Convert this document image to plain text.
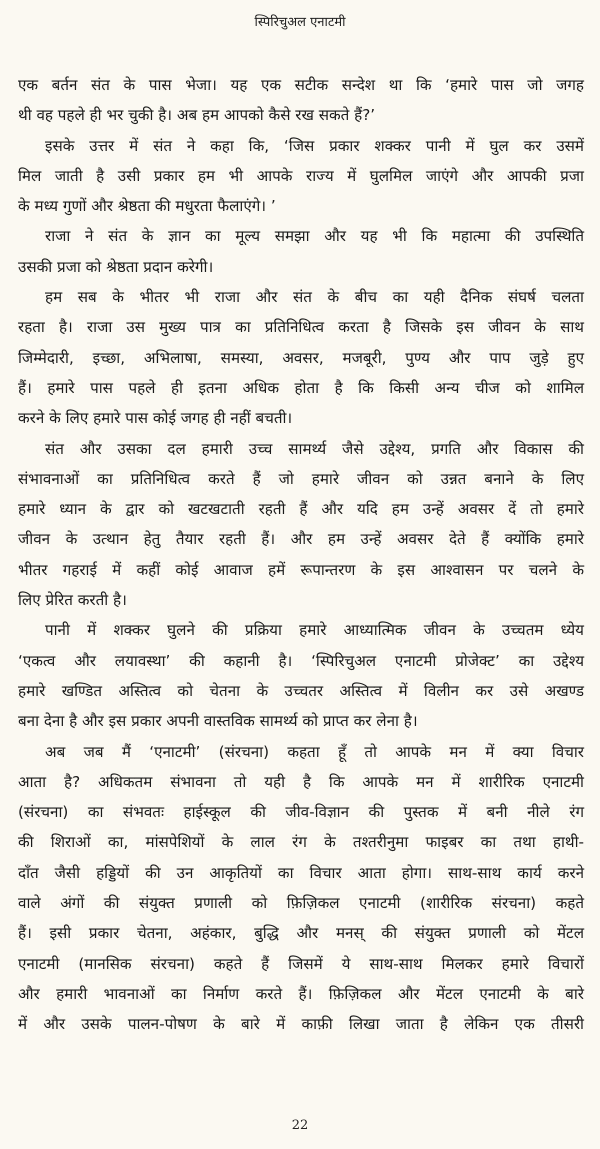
स्पिरिचुअल एनाटमी
एक बर्तन संत के पास भेजा। यह एक सटीक सन्देश था कि ‘हमारे पास जो जगह
थी वह पहले ही भर चुकी है। अब हम आपको कैसे रख सकते हैं?’
इसके उत्तर में संत ने कहा कि, ‘जिस प्रकार शक्कर पानी में घुल कर उसमें
मिल जाती है उसी प्रकार हम भी आपके राज्य में घुलमिल जाएंगे और आपकी प्रजा
के मध्य गुणों और श्रेष्ठता की मधुरता फैलाएंगे। ’
राजा ने संत के ज्ञान का मूल्य समझा और यह भी कि महात्मा की उपस्थिति
उसकी प्रजा को श्रेष्ठता प्रदान करेगी।
हम सब के भीतर भी राजा और संत के बीच का यही दैनिक संघर्ष चलता
रहता है। राजा उस मुख्य पात्र का प्रतिनिधित्व करता है जिसके इस जीवन के साथ
जिम्मेदारी, इच्छा, अभिलाषा, समस्या, अवसर, मजबूरी, पुण्य और पाप जुड़े हुए
हैं। हमारे पास पहले ही इतना अधिक होता है कि किसी अन्य चीज को शामिल
करने के लिए हमारे पास कोई जगह ही नहीं बचती।
संत और उसका दल हमारी उच्च सामर्थ्य जैसे उद्देश्य, प्रगति और विकास की
संभावनाओं का प्रतिनिधित्व करते हैं जो हमारे जीवन को उन्नत बनाने के लिए
हमारे ध्यान के द्वार को खटखटाती रहती हैं और यदि हम उन्हें अवसर दें तो हमारे
जीवन के उत्थान हेतु तैयार रहती हैं। और हम उन्हें अवसर देते हैं क्योंकि हमारे
भीतर गहराई में कहीं कोई आवाज हमें रूपान्तरण के इस आश्वासन पर चलने के
लिए प्रेरित करती है।
पानी में शक्कर घुलने की प्रक्रिया हमारे आध्यात्मिक जीवन के उच्चतम ध्येय
‘एकत्व और लयावस्था’ की कहानी है। ‘स्पिरिचुअल एनाटमी प्रोजेक्ट’ का उद्देश्य
हमारे खण्डित अस्तित्व को चेतना के उच्चतर अस्तित्व में विलीन कर उसे अखण्ड
बना देना है और इस प्रकार अपनी वास्तविक सामर्थ्य को प्राप्त कर लेना है।
अब जब मैं ‘एनाटमी’ (संरचना) कहता हूँ तो आपके मन में क्या विचार
आता है? अधिकतम संभावना तो यही है कि आपके मन में शारीरिक एनाटमी
(संरचना) का संभवतः हाईस्कूल की जीव-विज्ञान की पुस्तक में बनी नीले रंग
की शिराओं का, मांसपेशियों के लाल रंग के तश्तरीनुमा फाइबर का तथा हाथी-
दाँत जैसी हड्डियों की उन आकृतियों का विचार आता होगा। साथ-साथ कार्य करने
वाले अंगों की संयुक्त प्रणाली को फ़िज़िकल एनाटमी (शारीरिक संरचना) कहते
हैं। इसी प्रकार चेतना, अहंकार, बुद्धि और मनस् की संयुक्त प्रणाली को मेंटल
एनाटमी (मानसिक संरचना) कहते हैं जिसमें ये साथ-साथ मिलकर हमारे विचारों
और हमारी भावनाओं का निर्माण करते हैं। फ़िज़िकल और मेंटल एनाटमी के बारे
में और उसके पालन-पोषण के बारे में काफ़ी लिखा जाता है लेकिन एक तीसरी
22
